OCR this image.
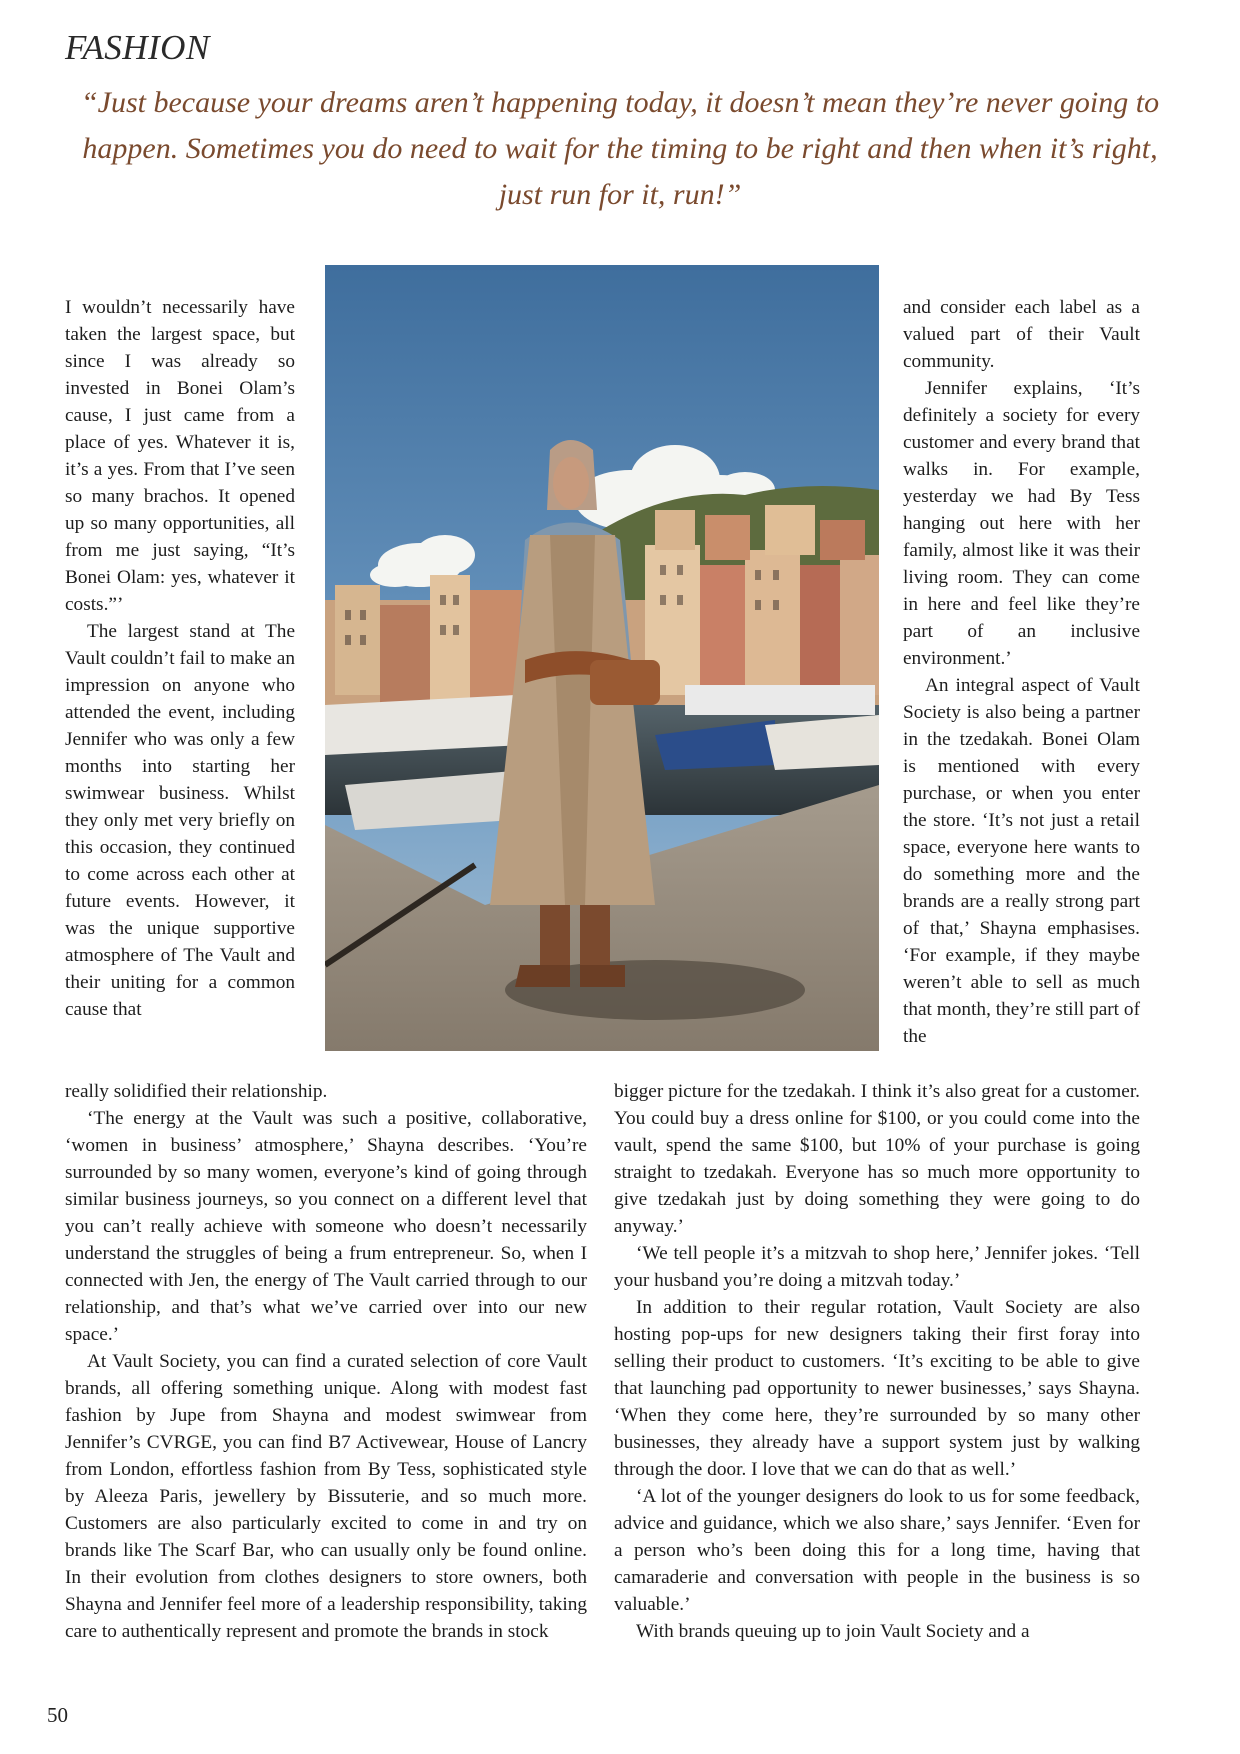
FASHION

“Just because your dreams aren’t happening today, it doesn’t mean they’re never going to happen. Sometimes you do need to wait for the timing to be right and then when it’s right, just run for it, run!”

I wouldn’t necessarily have taken the largest space, but since I was already so invested in Bonei Olam’s cause, I just came from a place of yes. Whatever it is, it’s a yes. From that I’ve seen so many brachos. It opened up so many opportunities, all from me just saying, “It’s Bonei Olam: yes, whatever it costs.”’

The largest stand at The Vault couldn’t fail to make an impression on anyone who attended the event, including Jennifer who was only a few months into starting her swimwear business. Whilst they only met very briefly on this occasion, they continued to come across each other at future events. However, it was the unique supportive atmosphere of The Vault and their uniting for a common cause that

and consider each label as a valued part of their Vault community.

Jennifer explains, ‘It’s definitely a society for every customer and every brand that walks in. For example, yesterday we had By Tess hanging out here with her family, almost like it was their living room. They can come in here and feel like they’re part of an inclusive environment.’

An integral aspect of Vault Society is also being a partner in the tzedakah. Bonei Olam is mentioned with every purchase, or when you enter the store. ‘It’s not just a retail space, everyone here wants to do something more and the brands are a really strong part of that,’ Shayna emphasises. ‘For example, if they maybe weren’t able to sell as much that month, they’re still part of the

really solidified their relationship.

‘The energy at the Vault was such a positive, collaborative, ‘women in business’ atmosphere,’ Shayna describes. ‘You’re surrounded by so many women, everyone’s kind of going through similar business journeys, so you connect on a different level that you can’t really achieve with someone who doesn’t necessarily understand the struggles of being a frum entrepreneur. So, when I connected with Jen, the energy of The Vault carried through to our relationship, and that’s what we’ve carried over into our new space.’

At Vault Society, you can find a curated selection of core Vault brands, all offering something unique. Along with modest fast fashion by Jupe from Shayna and modest swimwear from Jennifer’s CVRGE, you can find B7 Activewear, House of Lancry from London, effortless fashion from By Tess, sophisticated style by Aleeza Paris, jewellery by Bissuterie, and so much more. Customers are also particularly excited to come in and try on brands like The Scarf Bar, who can usually only be found online. In their evolution from clothes designers to store owners, both Shayna and Jennifer feel more of a leadership responsibility, taking care to authentically represent and promote the brands in stock

bigger picture for the tzedakah. I think it’s also great for a customer. You could buy a dress online for $100, or you could come into the vault, spend the same $100, but 10% of your purchase is going straight to tzedakah. Everyone has so much more opportunity to give tzedakah just by doing something they were going to do anyway.’

‘We tell people it’s a mitzvah to shop here,’ Jennifer jokes. ‘Tell your husband you’re doing a mitzvah today.’

In addition to their regular rotation, Vault Society are also hosting pop-ups for new designers taking their first foray into selling their product to customers. ‘It’s exciting to be able to give that launching pad opportunity to newer businesses,’ says Shayna. ‘When they come here, they’re surrounded by so many other businesses, they already have a support system just by walking through the door. I love that we can do that as well.’

‘A lot of the younger designers do look to us for some feedback, advice and guidance, which we also share,’ says Jennifer. ‘Even for a person who’s been doing this for a long time, having that camaraderie and conversation with people in the business is so valuable.’

With brands queuing up to join Vault Society and a

50
